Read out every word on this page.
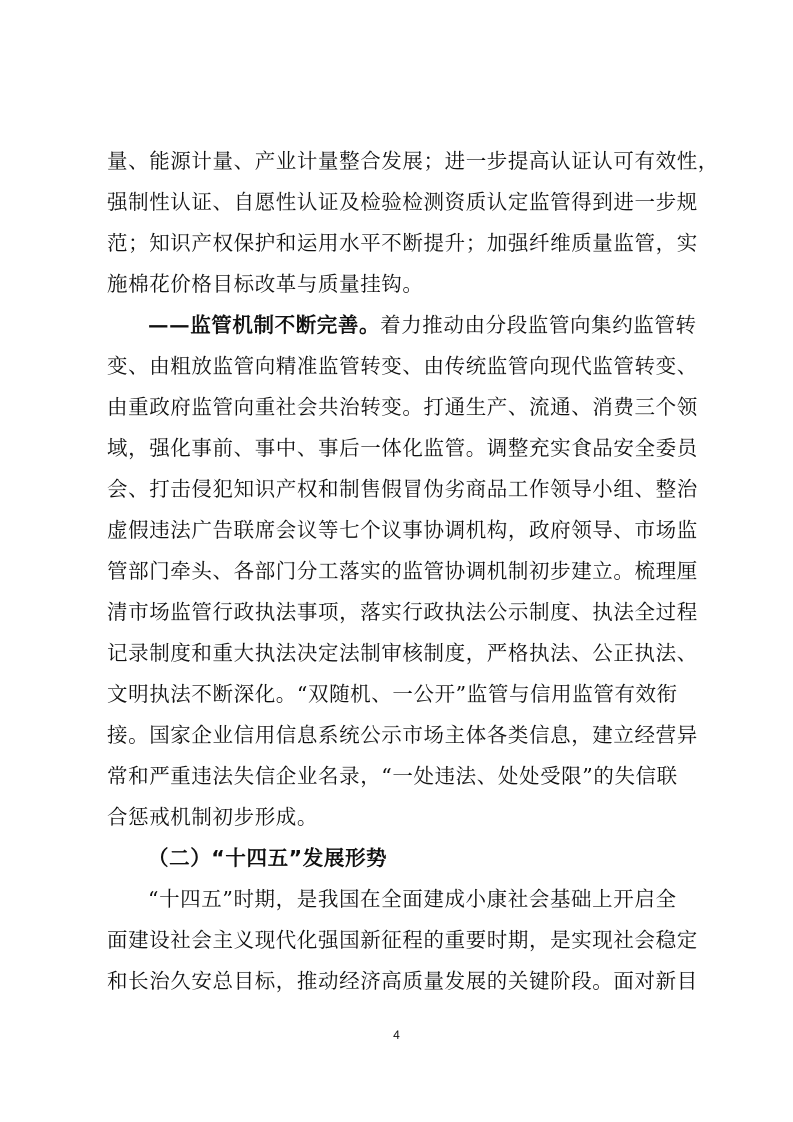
量、能源计量、产业计量整合发展；进一步提高认证认可有效性，
强制性认证、自愿性认证及检验检测资质认定监管得到进一步规
范；知识产权保护和运用水平不断提升；加强纤维质量监管，实
施棉花价格目标改革与质量挂钩。
——监管机制不断完善。着力推动由分段监管向集约监管转
变、由粗放监管向精准监管转变、由传统监管向现代监管转变、
由重政府监管向重社会共治转变。打通生产、流通、消费三个领
域，强化事前、事中、事后一体化监管。调整充实食品安全委员
会、打击侵犯知识产权和制售假冒伪劣商品工作领导小组、整治
虚假违法广告联席会议等七个议事协调机构，政府领导、市场监
管部门牵头、各部门分工落实的监管协调机制初步建立。梳理厘
清市场监管行政执法事项，落实行政执法公示制度、执法全过程
记录制度和重大执法决定法制审核制度，严格执法、公正执法、
文明执法不断深化。“双随机、一公开”监管与信用监管有效衔
接。国家企业信用信息系统公示市场主体各类信息，建立经营异
常和严重违法失信企业名录，“一处违法、处处受限”的失信联
合惩戒机制初步形成。
（二）“十四五”发展形势
“十四五”时期，是我国在全面建成小康社会基础上开启全
面建设社会主义现代化强国新征程的重要时期，是实现社会稳定
和长治久安总目标，推动经济高质量发展的关键阶段。面对新目
4
